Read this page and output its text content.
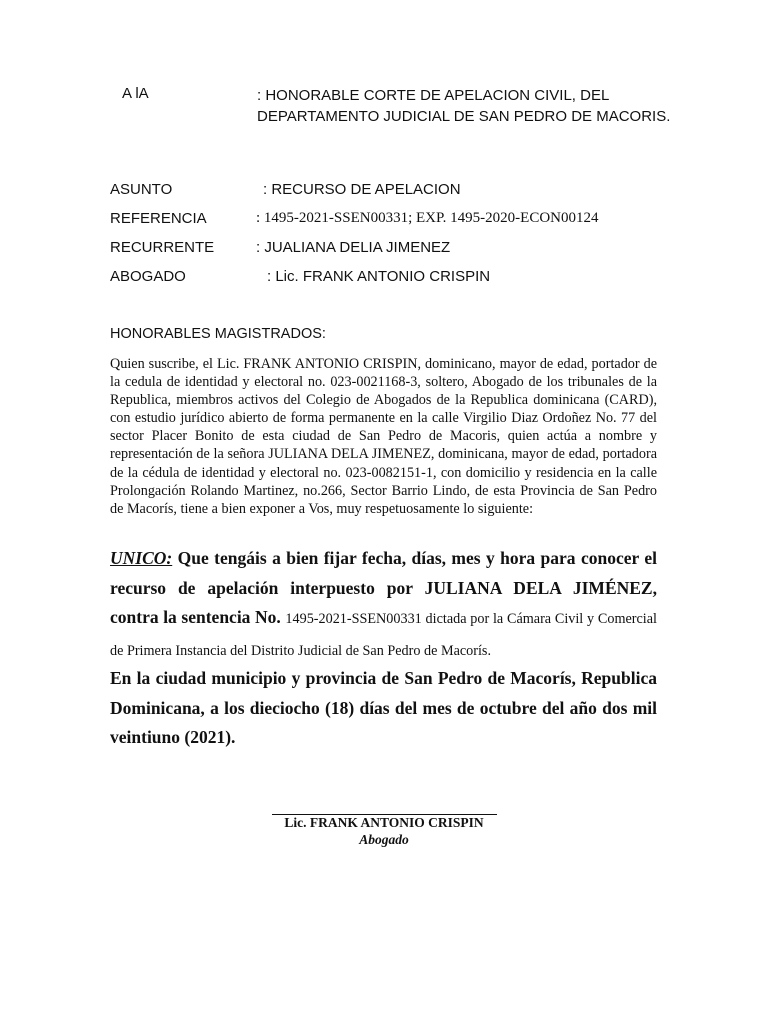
A lA	: HONORABLE CORTE DE APELACION CIVIL, DEL DEPARTAMENTO JUDICIAL DE SAN PEDRO DE MACORIS.
ASUNTO	: RECURSO DE APELACION
REFERENCIA	: 1495-2021-SSEN00331; EXP. 1495-2020-ECON00124
RECURRENTE	: JUALIANA DELIA JIMENEZ
ABOGADO	: Lic. FRANK ANTONIO CRISPIN
HONORABLES MAGISTRADOS:
Quien suscribe, el Lic. FRANK ANTONIO CRISPIN, dominicano, mayor de edad, portador de la cedula de identidad y electoral no. 023-0021168-3, soltero, Abogado de los tribunales de la Republica, miembros activos del Colegio de Abogados de la Republica dominicana (CARD), con estudio jurídico abierto de forma permanente en la calle Virgilio Diaz Ordoñez No. 77 del sector Placer Bonito de esta ciudad de San Pedro de Macoris, quien actúa a nombre y representación de la señora JULIANA DELA JIMENEZ, dominicana, mayor de edad, portadora de la cédula de identidad y electoral no. 023-0082151-1, con domicilio y residencia en la calle Prolongación Rolando Martinez, no.266, Sector Barrio Lindo, de esta Provincia de San Pedro de Macorís, tiene a bien exponer a Vos, muy respetuosamente lo siguiente:
UNICO: Que tengáis a bien fijar fecha, días, mes y hora para conocer el recurso de apelación interpuesto por JULIANA DELA JIMÉNEZ, contra la sentencia No. 1495-2021-SSEN00331 dictada por la Cámara Civil y Comercial de Primera Instancia del Distrito Judicial de San Pedro de Macorís.
En la ciudad municipio y provincia de San Pedro de Macorís, Republica Dominicana, a los dieciocho (18) días del mes de octubre del año dos mil veintiuno (2021).
Lic. FRANK ANTONIO CRISPIN
Abogado
